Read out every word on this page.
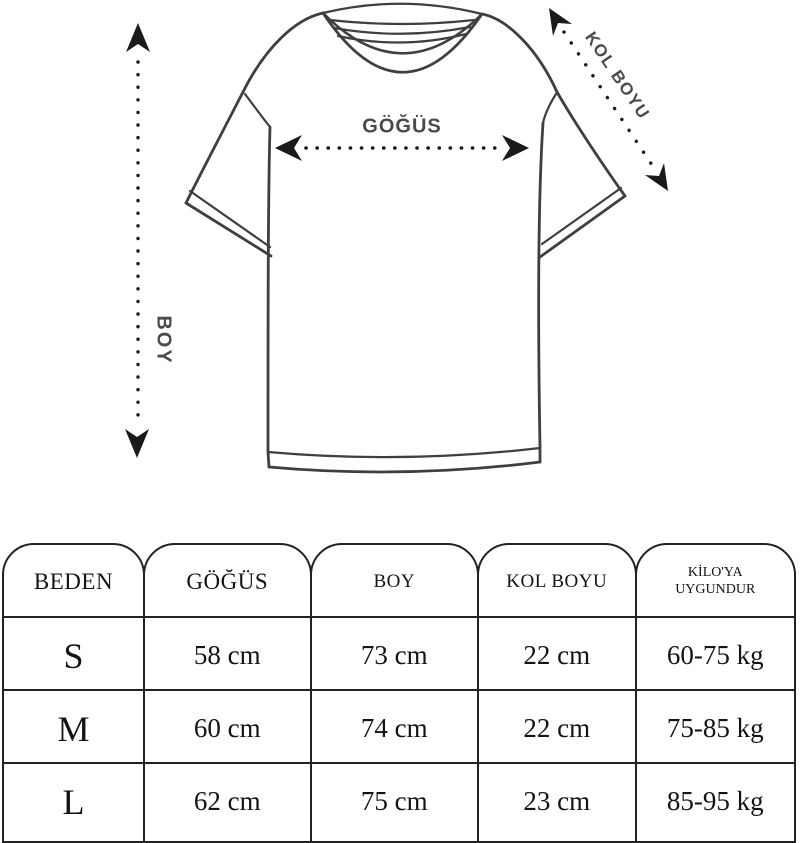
GÖĞÜS
BOY
KOL BOYU
BEDEN
S
M
L
GÖĞÜS
58 cm
60 cm
62 cm
BOY
73 cm
74 cm
75 cm
KOL BOYU
22 cm
22 cm
23 cm
KİLO'YA UYGUNDUR
60-75 kg
75-85 kg
85-95 kg
